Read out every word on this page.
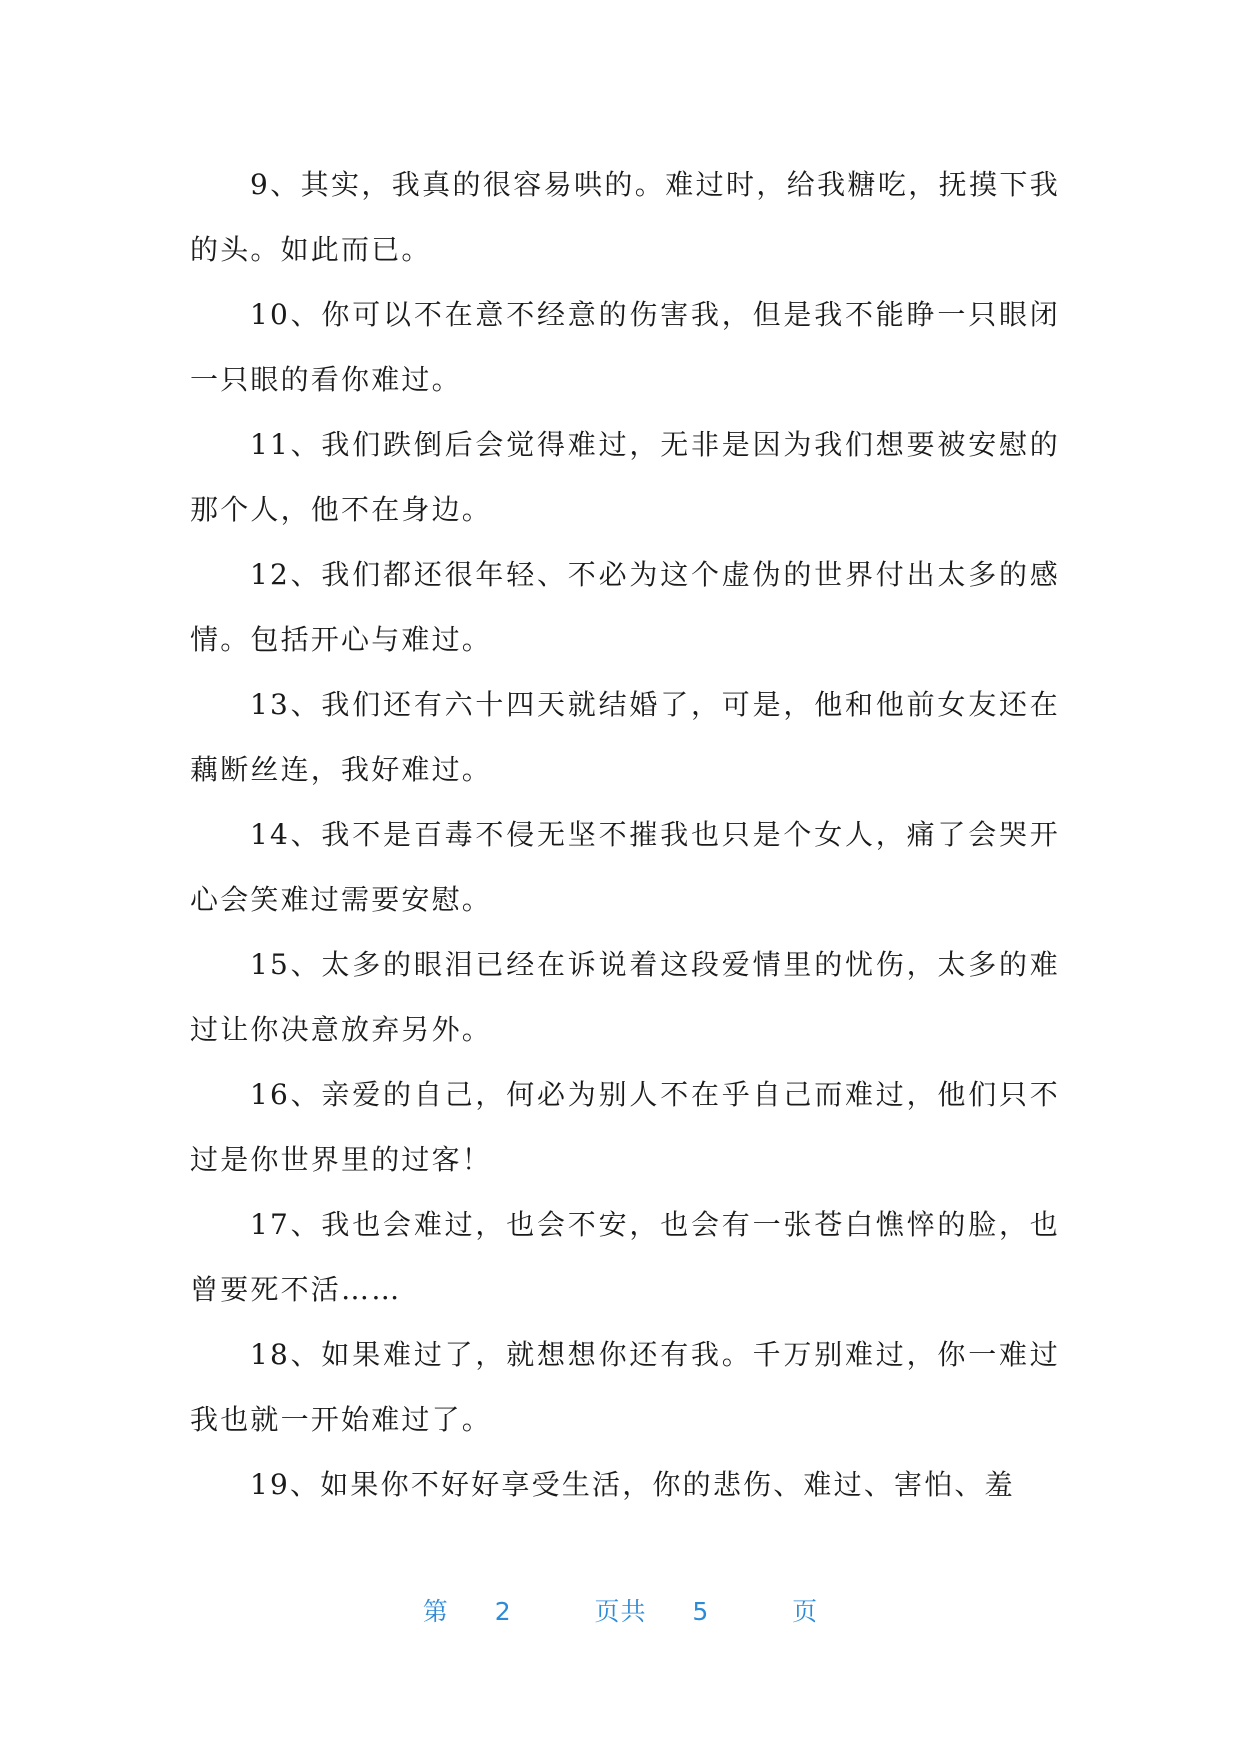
9、其实，我真的很容易哄的。难过时，给我糖吃，抚摸下我的头。如此而已。

10、你可以不在意不经意的伤害我，但是我不能睁一只眼闭一只眼的看你难过。

11、我们跌倒后会觉得难过，无非是因为我们想要被安慰的那个人，他不在身边。

12、我们都还很年轻、不必为这个虚伪的世界付出太多的感情。包括开心与难过。

13、我们还有六十四天就结婚了，可是，他和他前女友还在藕断丝连，我好难过。

14、我不是百毒不侵无坚不摧我也只是个女人，痛了会哭开心会笑难过需要安慰。

15、太多的眼泪已经在诉说着这段爱情里的忧伤，太多的难过让你决意放弃另外。

16、亲爱的自己，何必为别人不在乎自己而难过，他们只不过是你世界里的过客！

17、我也会难过，也会不安，也会有一张苍白憔悴的脸，也曾要死不活……

18、如果难过了，就想想你还有我。千万别难过，你一难过我也就一开始难过了。

19、如果你不好好享受生活，你的悲伤、难过、害怕、羞

第 2	页共 5	页
